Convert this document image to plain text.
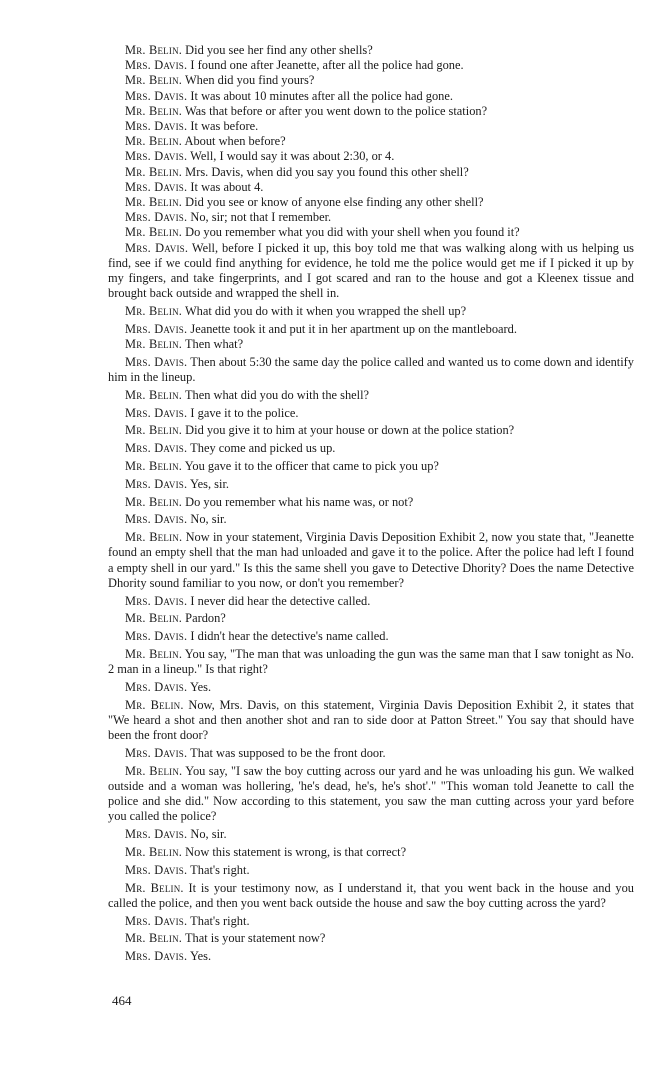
Mr. Belin. Did you see her find any other shells?

Mrs. Davis. I found one after Jeanette, after all the police had gone.

Mr. Belin. When did you find yours?

Mrs. Davis. It was about 10 minutes after all the police had gone.

Mr. Belin. Was that before or after you went down to the police station?

Mrs. Davis. It was before.

Mr. Belin. About when before?

Mrs. Davis. Well, I would say it was about 2:30, or 4.

Mr. Belin. Mrs. Davis, when did you say you found this other shell?

Mrs. Davis. It was about 4.

Mr. Belin. Did you see or know of anyone else finding any other shell?

Mrs. Davis. No, sir; not that I remember.

Mr. Belin. Do you remember what you did with your shell when you found it?

Mrs. Davis. Well, before I picked it up, this boy told me that was walking along with us helping us find, see if we could find anything for evidence, he told me the police would get me if I picked it up by my fingers, and take fingerprints, and I got scared and ran to the house and got a Kleenex tissue and brought back outside and wrapped the shell in.

Mr. Belin. What did you do with it when you wrapped the shell up?

Mrs. Davis. Jeanette took it and put it in her apartment up on the mantleboard.

Mr. Belin. Then what?

Mrs. Davis. Then about 5:30 the same day the police called and wanted us to come down and identify him in the lineup.

Mr. Belin. Then what did you do with the shell?

Mrs. Davis. I gave it to the police.

Mr. Belin. Did you give it to him at your house or down at the police station?

Mrs. Davis. They come and picked us up.

Mr. Belin. You gave it to the officer that came to pick you up?

Mrs. Davis. Yes, sir.

Mr. Belin. Do you remember what his name was, or not?

Mrs. Davis. No, sir.

Mr. Belin. Now in your statement, Virginia Davis Deposition Exhibit 2, now you state that, "Jeanette found an empty shell that the man had unloaded and gave it to the police. After the police had left I found a empty shell in our yard." Is this the same shell you gave to Detective Dhority? Does the name Detective Dhority sound familiar to you now, or don't you remember?

Mrs. Davis. I never did hear the detective called.

Mr. Belin. Pardon?

Mrs. Davis. I didn't hear the detective's name called.

Mr. Belin. You say, "The man that was unloading the gun was the same man that I saw tonight as No. 2 man in a lineup." Is that right?

Mrs. Davis. Yes.

Mr. Belin. Now, Mrs. Davis, on this statement, Virginia Davis Deposition Exhibit 2, it states that "We heard a shot and then another shot and ran to side door at Patton Street." You say that should have been the front door?

Mrs. Davis. That was supposed to be the front door.

Mr. Belin. You say, "I saw the boy cutting across our yard and he was unloading his gun. We walked outside and a woman was hollering, 'he's dead, he's, he's shot'." "This woman told Jeanette to call the police and she did." Now according to this statement, you saw the man cutting across your yard before you called the police?

Mrs. Davis. No, sir.

Mr. Belin. Now this statement is wrong, is that correct?

Mrs. Davis. That's right.

Mr. Belin. It is your testimony now, as I understand it, that you went back in the house and you called the police, and then you went back outside the house and saw the boy cutting across the yard?

Mrs. Davis. That's right.

Mr. Belin. That is your statement now?

Mrs. Davis. Yes.

464
